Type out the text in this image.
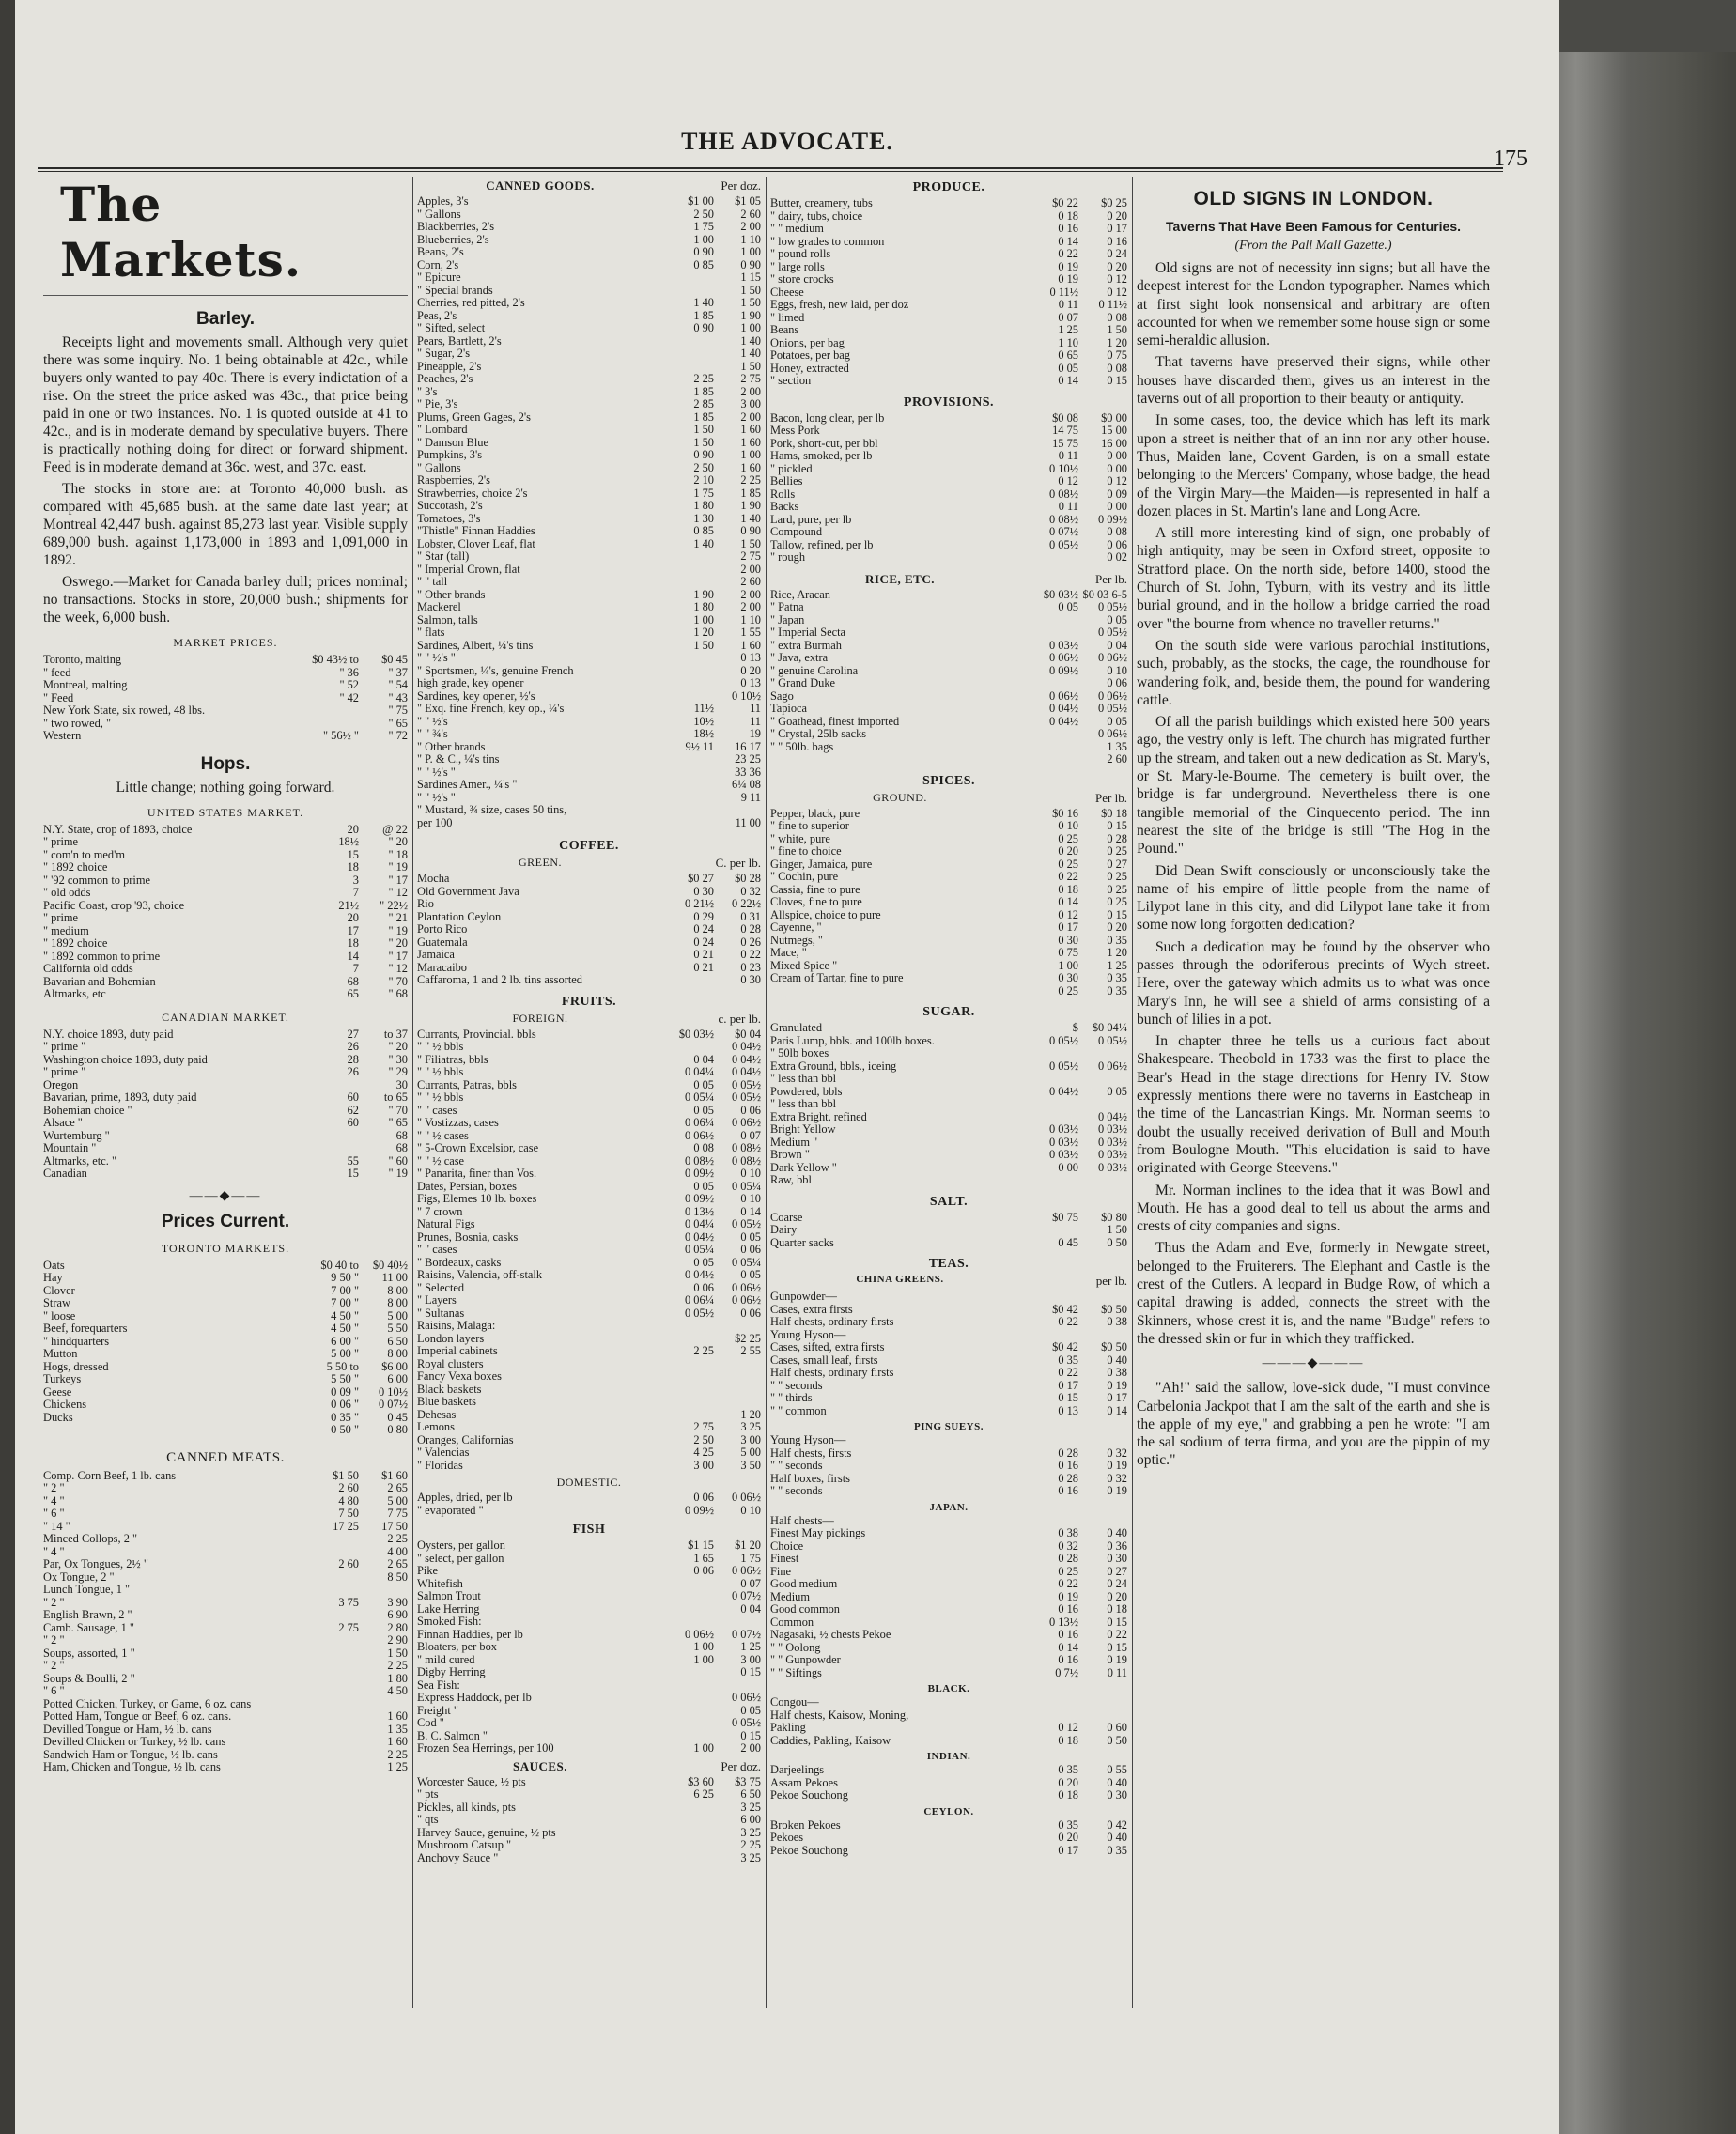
THE ADVOCATE.
175
The Markets.
Barley.
Receipts light and movements small. Although very quiet there was some inquiry. No. 1 being obtainable at 42c., while buyers only wanted to pay 40c. There is every indictation of a rise. On the street the price asked was 43c., that price being paid in one or two instances. No. 1 is quoted outside at 41 to 42c., and is in moderate demand by speculative buyers. There is practically nothing doing for direct or forward shipment. Feed is in moderate demand at 36c. west, and 37c. east.
The stocks in store are: at Toronto 40,000 bush. as compared with 45,685 bush. at the same date last year; at Montreal 42,447 bush. against 85,273 last year. Visible supply 689,000 bush. against 1,173,000 in 1893 and 1,091,000 in 1892.
Oswego.—Market for Canada barley dull; prices nominal; no transactions. Stocks in store, 20,000 bush.; shipments for the week, 6,000 bush.
MARKET PRICES.
Toronto, malting	$0 43½ to	$0 45
" feed	" 36	" 37
Montreal, malting	" 52	" 54
" Feed	" 42	" 43
New York State, six rowed, 48 lbs.	" 75
" two rowed, "	" 65
Western	" 56½ "	" 72
Hops.
Little change; nothing going forward.
UNITED STATES MARKET.
N.Y. State, crop of 1893, choice	20	@ 22
" prime	18½	" 20
" com'n to med'm	15	" 18
" 1892 choice	18	" 19
" '92 common to prime	3	" 17
" old odds	7	" 12
Pacific Coast, crop '93, choice	21½	" 22½
" prime	20	" 21
" medium	17	" 19
" 1892 choice	18	" 20
" 1892 common to prime	14	" 17
California old odds	7	" 12
Bavarian and Bohemian	68	" 70
Altmarks, etc	65	" 68
CANADIAN MARKET.
N.Y. choice 1893, duty paid	27	to 37
" prime "	26	" 20
Washington choice 1893, duty paid	28	" 30
" prime "	26	" 29
Oregon	30
Bavarian, prime, 1893, duty paid	60	to 65
Bohemian choice "	62	" 70
Alsace "	60	" 65
Wurtemburg "	68
Mountain "	68
Altmarks, etc. "	55	" 60
Canadian	15	" 19
——◆——
Prices Current.
TORONTO MARKETS.
Oats	$0 40 to	$0 40½
Hay	9 50 "	11 00
Clover	7 00 "	8 00
Straw	7 00 "	8 00
" loose	4 50 "	5 00
Beef, forequarters	4 50 "	5 50
" hindquarters	6 00 "	6 50
Mutton	5 00 "	8 00
Hogs, dressed	5 50 to	$6 00
Turkeys	5 50 "	6 00
Geese	0 09 "	0 10½
Chickens	0 06 "	0 07½
Ducks	0 35 "	0 45
0 50 "	0 80
CANNED MEATS.
Comp. Corn Beef, 1 lb. cans	$1 50	$1 60
" 2 "	2 60	2 65
" 4 "	4 80	5 00
" 6 "	7 50	7 75
" 14 "	17 25	17 50
Minced Collops, 2 "	2 25
" 4 "	4 00
Par, Ox Tongues, 2½ "	2 60	2 65
Ox Tongue, 2 "	8 50
Lunch Tongue, 1 "
" 2 "	3 75	3 90
English Brawn, 2 "	6 90
Camb. Sausage, 1 "	2 75	2 80
" 2 "	2 90
Soups, assorted, 1 "	1 50
" 2 "	2 25
Soups & Boulli, 2 "	1 80
" 6 "	4 50
Potted Chicken, Turkey, or Game, 6 oz. cans
Potted Ham, Tongue or Beef, 6 oz. cans.	1 60
Devilled Tongue or Ham, ½ lb. cans	1 35
Devilled Chicken or Turkey, ½ lb. cans	1 60
Sandwich Ham or Tongue, ½ lb. cans	2 25
Ham, Chicken and Tongue, ½ lb. cans	1 25
CANNED GOODS.	Per doz.
Apples, 3's	$1 00	$1 05
" Gallons	2 50	2 60
Blackberries, 2's	1 75	2 00
Blueberries, 2's	1 00	1 10
Beans, 2's	0 90	1 00
Corn, 2's	0 85	0 90
" Epicure	1 15
" Special brands	1 50
Cherries, red pitted, 2's	1 40	1 50
Peas, 2's	1 85	1 90
" Sifted, select	0 90	1 00
Pears, Bartlett, 2's	1 40
" Sugar, 2's	1 40
Pineapple, 2's	1 50
Peaches, 2's	2 25	2 75
" 3's	1 85	2 00
" Pie, 3's	2 85	3 00
Plums, Green Gages, 2's	1 85	2 00
" Lombard	1 50	1 60
" Damson Blue	1 50	1 60
Pumpkins, 3's	0 90	1 00
" Gallons	2 50	1 60
Raspberries, 2's	2 10	2 25
Strawberries, choice 2's	1 75	1 85
Succotash, 2's	1 80	1 90
Tomatoes, 3's	1 30	1 40
"Thistle" Finnan Haddies	0 85	0 90
Lobster, Clover Leaf, flat	1 40	1 50
" Star (tall)	2 75
" Imperial Crown, flat	2 00
" " tall	2 60
" Other brands	1 90	2 00
Mackerel	1 80	2 00
Salmon, talls	1 00	1 10
" flats	1 20	1 55
Sardines, Albert, ¼'s tins	1 50	1 60
" " ½'s "	0 13
" Sportsmen, ¼'s, genuine French	0 20
high grade, key opener	0 13
Sardines, key opener, ½'s	0 10½
" Exq. fine French, key op., ¼'s	11½	11
" " ½'s	10½	11
" " ¾'s	18½	19
" Other brands	9½ 11	16 17
" P. & C., ¼'s tins	23 25
" " ½'s "	33 36
Sardines Amer., ¼'s "	6¼ 08
" " ½'s "	9 11
" Mustard, ¾ size, cases 50 tins,
per 100	11 00
COFFEE.
GREEN.	C. per lb.
Mocha	$0 27	$0 28
Old Government Java	0 30	0 32
Rio	0 21½	0 22½
Plantation Ceylon	0 29	0 31
Porto Rico	0 24	0 28
Guatemala	0 24	0 26
Jamaica	0 21	0 22
Maracaibo	0 21	0 23
Caffaroma, 1 and 2 lb. tins assorted	0 30
FRUITS.
FOREIGN.	c. per lb.
Currants, Provincial. bbls	$0 03½	$0 04
" " ½ bbls	0 04½
" Filiatras, bbls	0 04	0 04½
" " ½ bbls	0 04¼	0 04½
Currants, Patras, bbls	0 05	0 05½
" " ½ bbls	0 05¼	0 05½
" " cases	0 05	0 06
" Vostizzas, cases	0 06¼	0 06½
" " ½ cases	0 06½	0 07
" 5-Crown Excelsior, case	0 08	0 08½
" " ½ case	0 08½	0 08½
" Panarita, finer than Vos.	0 09½	0 10
Dates, Persian, boxes	0 05	0 05¼
Figs, Elemes 10 lb. boxes	0 09½	0 10
" 7 crown	0 13½	0 14
Natural Figs	0 04¼	0 05½
Prunes, Bosnia, casks	0 04½	0 05
" " cases	0 05¼	0 06
" Bordeaux, casks	0 05	0 05¼
Raisins, Valencia, off-stalk	0 04½	0 05
" Selected	0 06	0 06½
" Layers	0 06¼	0 06½
" Sultanas	0 05½	0 06
Raisins, Malaga:
London layers	$2 25
Imperial cabinets	2 25	2 55
Royal clusters
Fancy Vexa boxes
Black baskets
Blue baskets
Dehesas	1 20
Lemons	2 75	3 25
Oranges, Californias	2 50	3 00
" Valencias	4 25	5 00
" Floridas	3 00	3 50
DOMESTIC.
Apples, dried, per lb	0 06	0 06½
" evaporated "	0 09½	0 10
FISH
Oysters, per gallon	$1 15	$1 20
" select, per gallon	1 65	1 75
Pike	0 06	0 06½
Whitefish	0 07
Salmon Trout	0 07½
Lake Herring	0 04
Smoked Fish:
Finnan Haddies, per lb	0 06½	0 07½
Bloaters, per box	1 00	1 25
" mild cured	1 00	3 00
Digby Herring	0 15
Sea Fish:
Express Haddock, per lb	0 06½
Freight "	0 05
Cod "	0 05½
B. C. Salmon "	0 15
Frozen Sea Herrings, per 100	1 00	2 00
SAUCES.	Per doz.
Worcester Sauce, ½ pts	$3 60	$3 75
" pts	6 25	6 50
Pickles, all kinds, pts	3 25
" qts	6 00
Harvey Sauce, genuine, ½ pts	3 25
Mushroom Catsup "	2 25
Anchovy Sauce "	3 25
PRODUCE.
Butter, creamery, tubs	$0 22	$0 25
" dairy, tubs, choice	0 18	0 20
" " medium	0 16	0 17
" low grades to common	0 14	0 16
" pound rolls	0 22	0 24
" large rolls	0 19	0 20
" store crocks	0 19	0 12
Cheese	0 11½	0 12
Eggs, fresh, new laid, per doz	0 11	0 11½
" limed	0 07	0 08
Beans	1 25	1 50
Onions, per bag	1 10	1 20
Potatoes, per bag	0 65	0 75
Honey, extracted	0 05	0 08
" section	0 14	0 15
PROVISIONS.
Bacon, long clear, per lb	$0 08	$0 00
Mess Pork	14 75	15 00
Pork, short-cut, per bbl	15 75	16 00
Hams, smoked, per lb	0 11	0 00
" pickled	0 10½	0 00
Bellies	0 12	0 12
Rolls	0 08½	0 09
Backs	0 11	0 00
Lard, pure, per lb	0 08½	0 09½
Compound	0 07½	0 08
Tallow, refined, per lb	0 05½	0 06
" rough	0 02
RICE, ETC.	Per lb.
Rice, Aracan	$0 03½ $0 03 6-5
" Patna	0 05	0 05½
" Japan	0 05
" Imperial Secta	0 05½
" extra Burmah	0 03½	0 04
" Java, extra	0 06½	0 06½
" genuine Carolina	0 09½	0 10
" Grand Duke	0 06
Sago	0 06½	0 06½
Tapioca	0 04½	0 05½
" Goathead, finest imported	0 04½	0 05
" Crystal, 25lb sacks	0 06½
" " 50lb. bags	1 35
2 60
SPICES.
GROUND.	Per lb.
Pepper, black, pure	$0 16	$0 18
" fine to superior	0 10	0 15
" white, pure	0 25	0 28
" fine to choice	0 20	0 25
Ginger, Jamaica, pure	0 25	0 27
" Cochin, pure	0 22	0 25
Cassia, fine to pure	0 18	0 25
Cloves, fine to pure	0 14	0 25
Allspice, choice to pure	0 12	0 15
Cayenne, "	0 17	0 20
Nutmegs, "	0 30	0 35
Mace, "	0 75	1 20
Mixed Spice "	1 00	1 25
Cream of Tartar, fine to pure	0 30	0 35
0 25	0 35
SUGAR.
Granulated	$	$0 04¼
Paris Lump, bbls. and 100lb boxes.	0 05½	0 05½
" 50lb boxes
Extra Ground, bbls., iceing	0 05½	0 06½
" less than bbl
Powdered, bbls	0 04½	0 05
" less than bbl
Extra Bright, refined	0 04½
Bright Yellow	0 03½	0 03½
Medium "	0 03½	0 03½
Brown "	0 03½	0 03½
Dark Yellow "	0 00	0 03½
Raw, bbl
SALT.
Coarse	$0 75	$0 80
Dairy	1 50
Quarter sacks	0 45	0 50
TEAS.
CHINA GREENS.	per lb.
Gunpowder—
Cases, extra firsts	$0 42	$0 50
Half chests, ordinary firsts	0 22	0 38
Young Hyson—
Cases, sifted, extra firsts	$0 42	$0 50
Cases, small leaf, firsts	0 35	0 40
Half chests, ordinary firsts	0 22	0 38
" " seconds	0 17	0 19
" " thirds	0 15	0 17
" " common	0 13	0 14
PING SUEYS.
Young Hyson—
Half chests, firsts	0 28	0 32
" " seconds	0 16	0 19
Half boxes, firsts	0 28	0 32
" " seconds	0 16	0 19
JAPAN.
Half chests—
Finest May pickings	0 38	0 40
Choice	0 32	0 36
Finest	0 28	0 30
Fine	0 25	0 27
Good medium	0 22	0 24
Medium	0 19	0 20
Good common	0 16	0 18
Common	0 13½	0 15
Nagasaki, ½ chests Pekoe	0 16	0 22
" " Oolong	0 14	0 15
" " Gunpowder	0 16	0 19
" " Siftings	0 7½	0 11
BLACK.
Congou—
Half chests, Kaisow, Moning,
Pakling	0 12	0 60
Caddies, Pakling, Kaisow	0 18	0 50
INDIAN.
Darjeelings	0 35	0 55
Assam Pekoes	0 20	0 40
Pekoe Souchong	0 18	0 30
CEYLON.
Broken Pekoes	0 35	0 42
Pekoes	0 20	0 40
Pekoe Souchong	0 17	0 35
OLD SIGNS IN LONDON.
Taverns That Have Been Famous for Centuries.
(From the Pall Mall Gazette.)
Old signs are not of necessity inn signs; but all have the deepest interest for the London typographer. Names which at first sight look nonsensical and arbitrary are often accounted for when we remember some house sign or some semi-heraldic allusion.
That taverns have preserved their signs, while other houses have discarded them, gives us an interest in the taverns out of all proportion to their beauty or antiquity.
In some cases, too, the device which has left its mark upon a street is neither that of an inn nor any other house. Thus, Maiden lane, Covent Garden, is on a small estate belonging to the Mercers' Company, whose badge, the head of the Virgin Mary—the Maiden—is represented in half a dozen places in St. Martin's lane and Long Acre.
A still more interesting kind of sign, one probably of high antiquity, may be seen in Oxford street, opposite to Stratford place. On the north side, before 1400, stood the Church of St. John, Tyburn, with its vestry and its little burial ground, and in the hollow a bridge carried the road over "the bourne from whence no traveller returns."
On the south side were various parochial institutions, such, probably, as the stocks, the cage, the roundhouse for wandering folk, and, beside them, the pound for wandering cattle.
Of all the parish buildings which existed here 500 years ago, the vestry only is left. The church has migrated further up the stream, and taken out a new dedication as St. Mary's, or St. Mary-le-Bourne. The cemetery is built over, the bridge is far underground. Nevertheless there is one tangible memorial of the Cinquecento period. The inn nearest the site of the bridge is still "The Hog in the Pound."
Did Dean Swift consciously or unconsciously take the name of his empire of little people from the name of Lilypot lane in this city, and did Lilypot lane take it from some now long forgotten dedication?
Such a dedication may be found by the observer who passes through the odoriferous precints of Wych street. Here, over the gateway which admits us to what was once Mary's Inn, he will see a shield of arms consisting of a bunch of lilies in a pot.
In chapter three he tells us a curious fact about Shakespeare. Theobold in 1733 was the first to place the Bear's Head in the stage directions for Henry IV. Stow expressly mentions there were no taverns in Eastcheap in the time of the Lancastrian Kings. Mr. Norman seems to doubt the usually received derivation of Bull and Mouth from Boulogne Mouth. "This elucidation is said to have originated with George Steevens."
Mr. Norman inclines to the idea that it was Bowl and Mouth. He has a good deal to tell us about the arms and crests of city companies and signs.
Thus the Adam and Eve, formerly in Newgate street, belonged to the Fruiterers. The Elephant and Castle is the crest of the Cutlers. A leopard in Budge Row, of which a capital drawing is added, connects the street with the Skinners, whose crest it is, and the name "Budge" refers to the dressed skin or fur in which they trafficked.
———◆———
"Ah!" said the sallow, love-sick dude, "I must convince Carbelonia Jackpot that I am the salt of the earth and she is the apple of my eye," and grabbing a pen he wrote: "I am the sal sodium of terra firma, and you are the pippin of my optic."
